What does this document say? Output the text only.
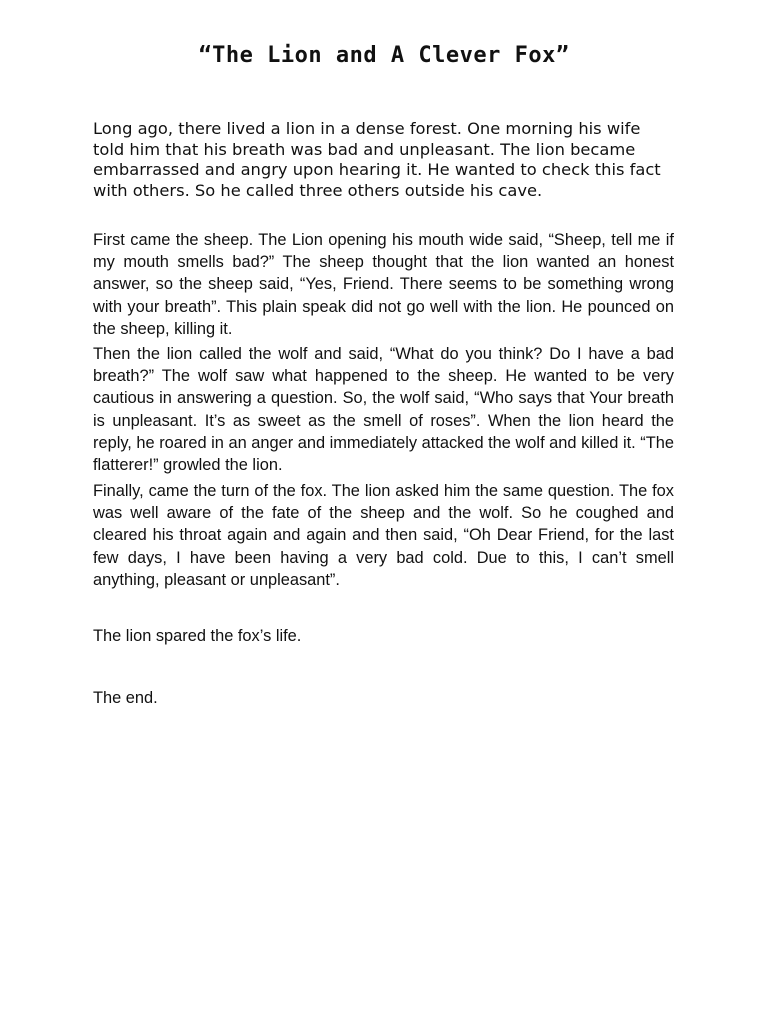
“The Lion and A Clever Fox”

Long ago, there lived a lion in a dense forest. One morning his wife told him that his breath was bad and unpleasant. The lion became embarrassed and angry upon hearing it. He wanted to check this fact with others. So he called three others outside his cave.

First came the sheep. The Lion opening his mouth wide said, “Sheep, tell me if my mouth smells bad?” The sheep thought that the lion wanted an honest answer, so the sheep said, “Yes, Friend. There seems to be something wrong with your breath”. This plain speak did not go well with the lion. He pounced on the sheep, killing it.

Then the lion called the wolf and said, “What do you think? Do I have a bad breath?” The wolf saw what happened to the sheep. He wanted to be very cautious in answering a question. So, the wolf said, “Who says that Your breath is unpleasant. It’s as sweet as the smell of roses”. When the lion heard the reply, he roared in an anger and immediately attacked the wolf and killed it. “The flatterer!” growled the lion.

Finally, came the turn of the fox. The lion asked him the same question. The fox was well aware of the fate of the sheep and the wolf. So he coughed and cleared his throat again and again and then said, “Oh Dear Friend, for the last few days, I have been having a very bad cold. Due to this, I can’t smell anything, pleasant or unpleasant”.

The lion spared the fox’s life.

The end.
